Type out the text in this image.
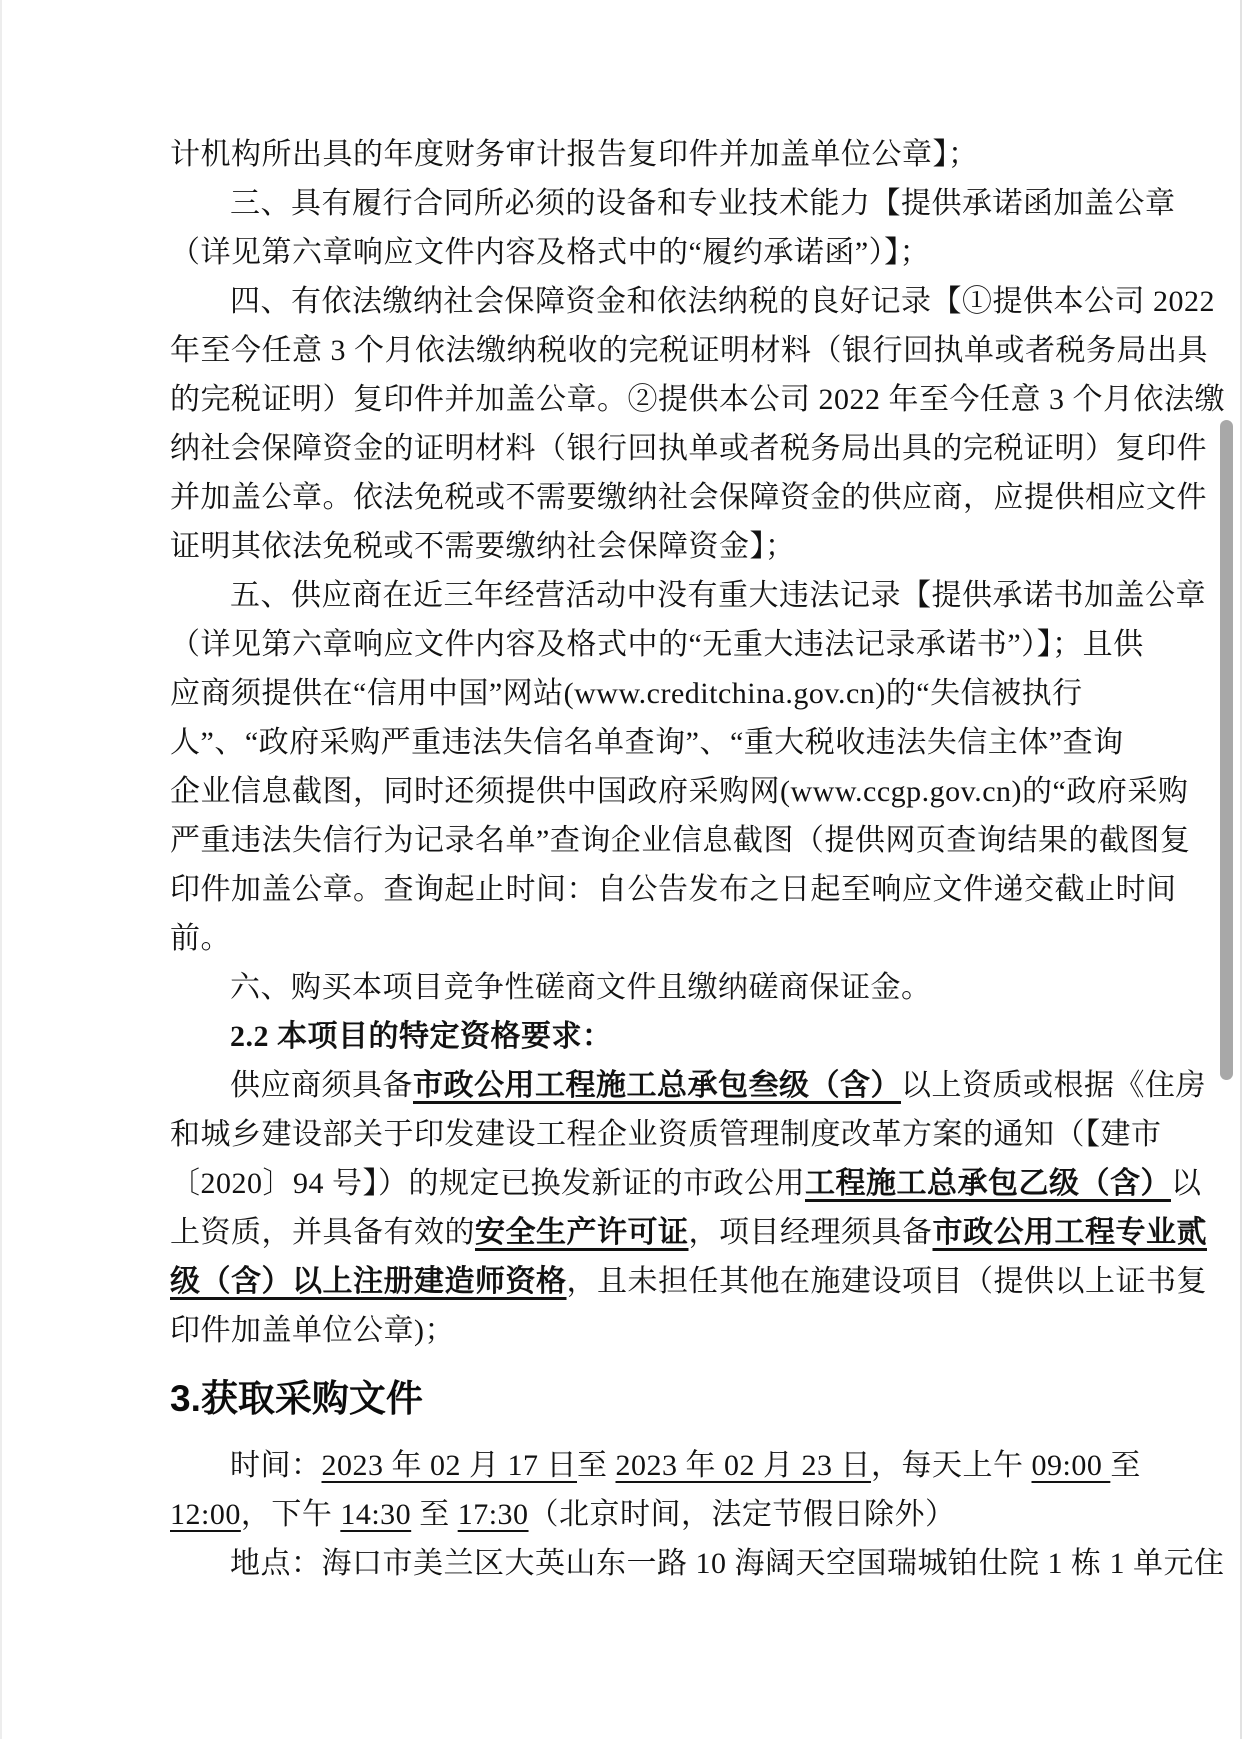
计机构所出具的年度财务审计报告复印件并加盖单位公章】；

三、具有履行合同所必须的设备和专业技术能力【提供承诺函加盖公章

（详见第六章响应文件内容及格式中的“履约承诺函”）】；

四、有依法缴纳社会保障资金和依法纳税的良好记录【①提供本公司 2022

年至今任意 3 个月依法缴纳税收的完税证明材料（银行回执单或者税务局出具

的完税证明）复印件并加盖公章。②提供本公司 2022 年至今任意 3 个月依法缴

纳社会保障资金的证明材料（银行回执单或者税务局出具的完税证明）复印件

并加盖公章。依法免税或不需要缴纳社会保障资金的供应商，应提供相应文件

证明其依法免税或不需要缴纳社会保障资金】；

五、供应商在近三年经营活动中没有重大违法记录【提供承诺书加盖公章

（详见第六章响应文件内容及格式中的“无重大违法记录承诺书”）】；且供

应商须提供在“信用中国”网站(www.creditchina.gov.cn)的“失信被执行

人”、“政府采购严重违法失信名单查询”、“重大税收违法失信主体”查询

企业信息截图，同时还须提供中国政府采购网(www.ccgp.gov.cn)的“政府采购

严重违法失信行为记录名单”查询企业信息截图（提供网页查询结果的截图复

印件加盖公章。查询起止时间：自公告发布之日起至响应文件递交截止时间

前。

六、购买本项目竞争性磋商文件且缴纳磋商保证金。

2.2 本项目的特定资格要求：

供应商须具备市政公用工程施工总承包叁级（含）以上资质或根据《住房

和城乡建设部关于印发建设工程企业资质管理制度改革方案的通知（【建市

〔2020〕94 号】）的规定已换发新证的市政公用工程施工总承包乙级（含）以

上资质，并具备有效的安全生产许可证，项目经理须具备市政公用工程专业贰

级（含）以上注册建造师资格，且未担任其他在施建设项目（提供以上证书复

印件加盖单位公章)；

3.获取采购文件

时间：2023 年 02 月 17 日至 2023 年 02 月 23 日，每天上午 09:00 至

12:00，下午 14:30 至 17:30（北京时间，法定节假日除外）

地点：海口市美兰区大英山东一路 10 海阔天空国瑞城铂仕院 1 栋 1 单元住
